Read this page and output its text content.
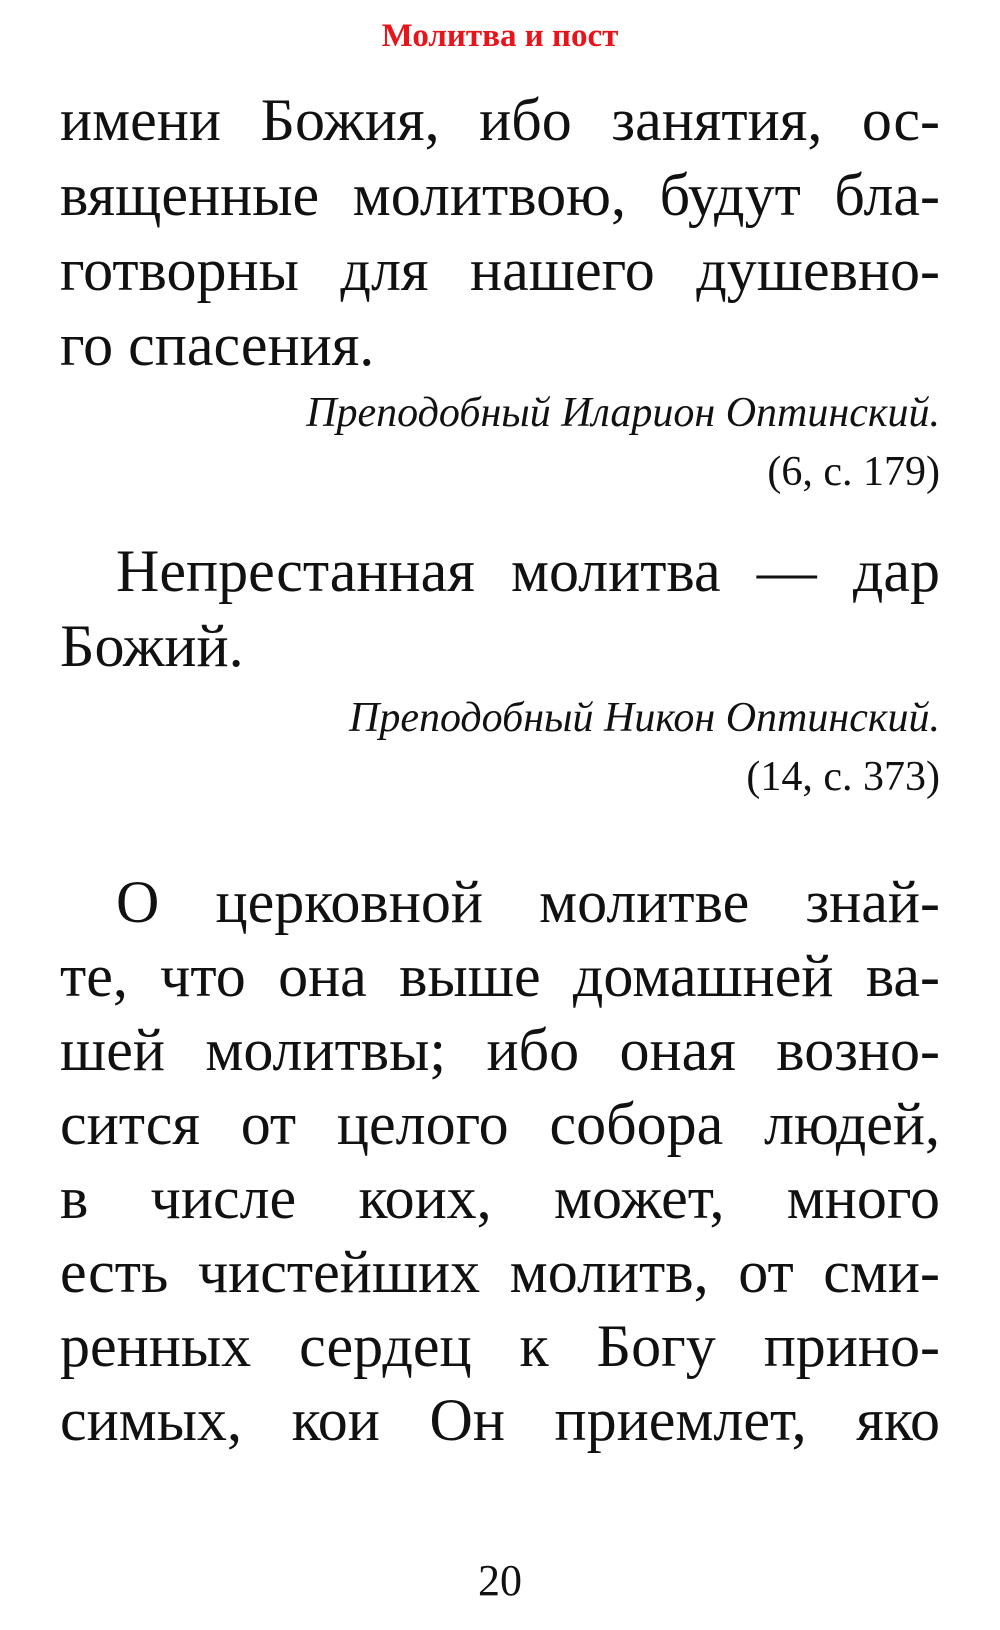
Молитва и пост
имени Божия, ибо занятия, ос-
вященные молитвою, будут бла-
готворны для нашего душевно-
го спасения.
Преподобный Иларион Оптинский.
(6, с. 179)
Непрестанная молитва — дар
Божий.
Преподобный Никон Оптинский.
(14, с. 373)
О церковной молитве знай-
те, что она выше домашней ва-
шей молитвы; ибо оная возно-
сится от целого собора людей,
в числе коих, может, много
есть чистейших молитв, от сми-
ренных сердец к Богу прино-
симых, кои Он приемлет, яко
20
